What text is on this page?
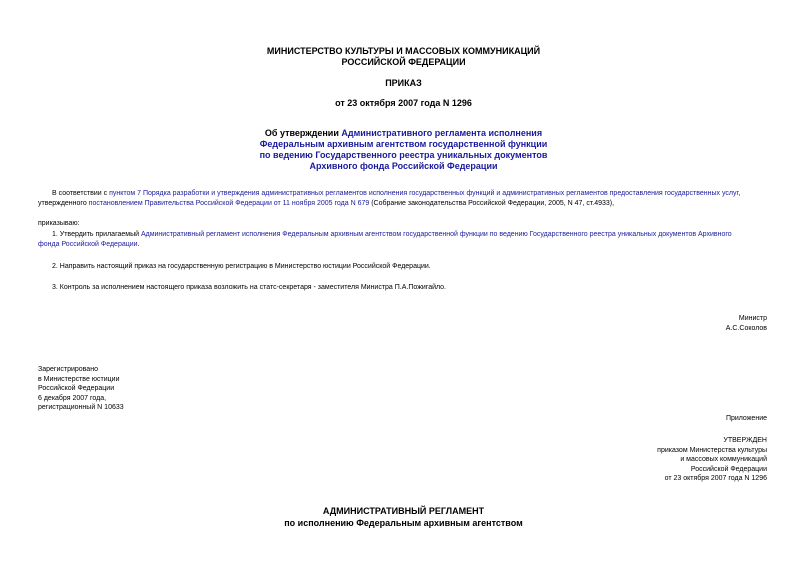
МИНИСТЕРСТВО КУЛЬТУРЫ И МАССОВЫХ КОММУНИКАЦИЙ
РОССИЙСКОЙ ФЕДЕРАЦИИ
ПРИКАЗ
от 23 октября 2007 года N 1296
Об утверждении Административного регламента исполнения
Федеральным архивным агентством государственной функции
по ведению Государственного реестра уникальных документов
Архивного фонда Российской Федерации
В соответствии с пунктом 7 Порядка разработки и утверждения административных регламентов исполнения государственных функций и административных регламентов предоставления государственных услуг,
утвержденного постановлением Правительства Российской Федерации от 11 ноября 2005 года N 679 (Собрание законодательства Российской Федерации, 2005, N 47, ст.4933),
приказываю:
1. Утвердить прилагаемый Административный регламент исполнения Федеральным архивным агентством государственной функции по ведению Государственного реестра уникальных документов Архивного
фонда Российской Федерации.
2. Направить настоящий приказ на государственную регистрацию в Министерство юстиции Российской Федерации.
3. Контроль за исполнением настоящего приказа возложить на статс-секретаря - заместителя Министра П.А.Пожигайло.
Министр
А.С.Соколов
Зарегистрировано
в Министерстве юстиции
Российской Федерации
6 декабря 2007 года,
регистрационный N 10633
Приложение
УТВЕРЖДЕН
приказом Министерства культуры
и массовых коммуникаций
Российской Федерации
от 23 октября 2007 года N 1296
АДМИНИСТРАТИВНЫЙ РЕГЛАМЕНТ
по исполнению Федеральным архивным агентством
